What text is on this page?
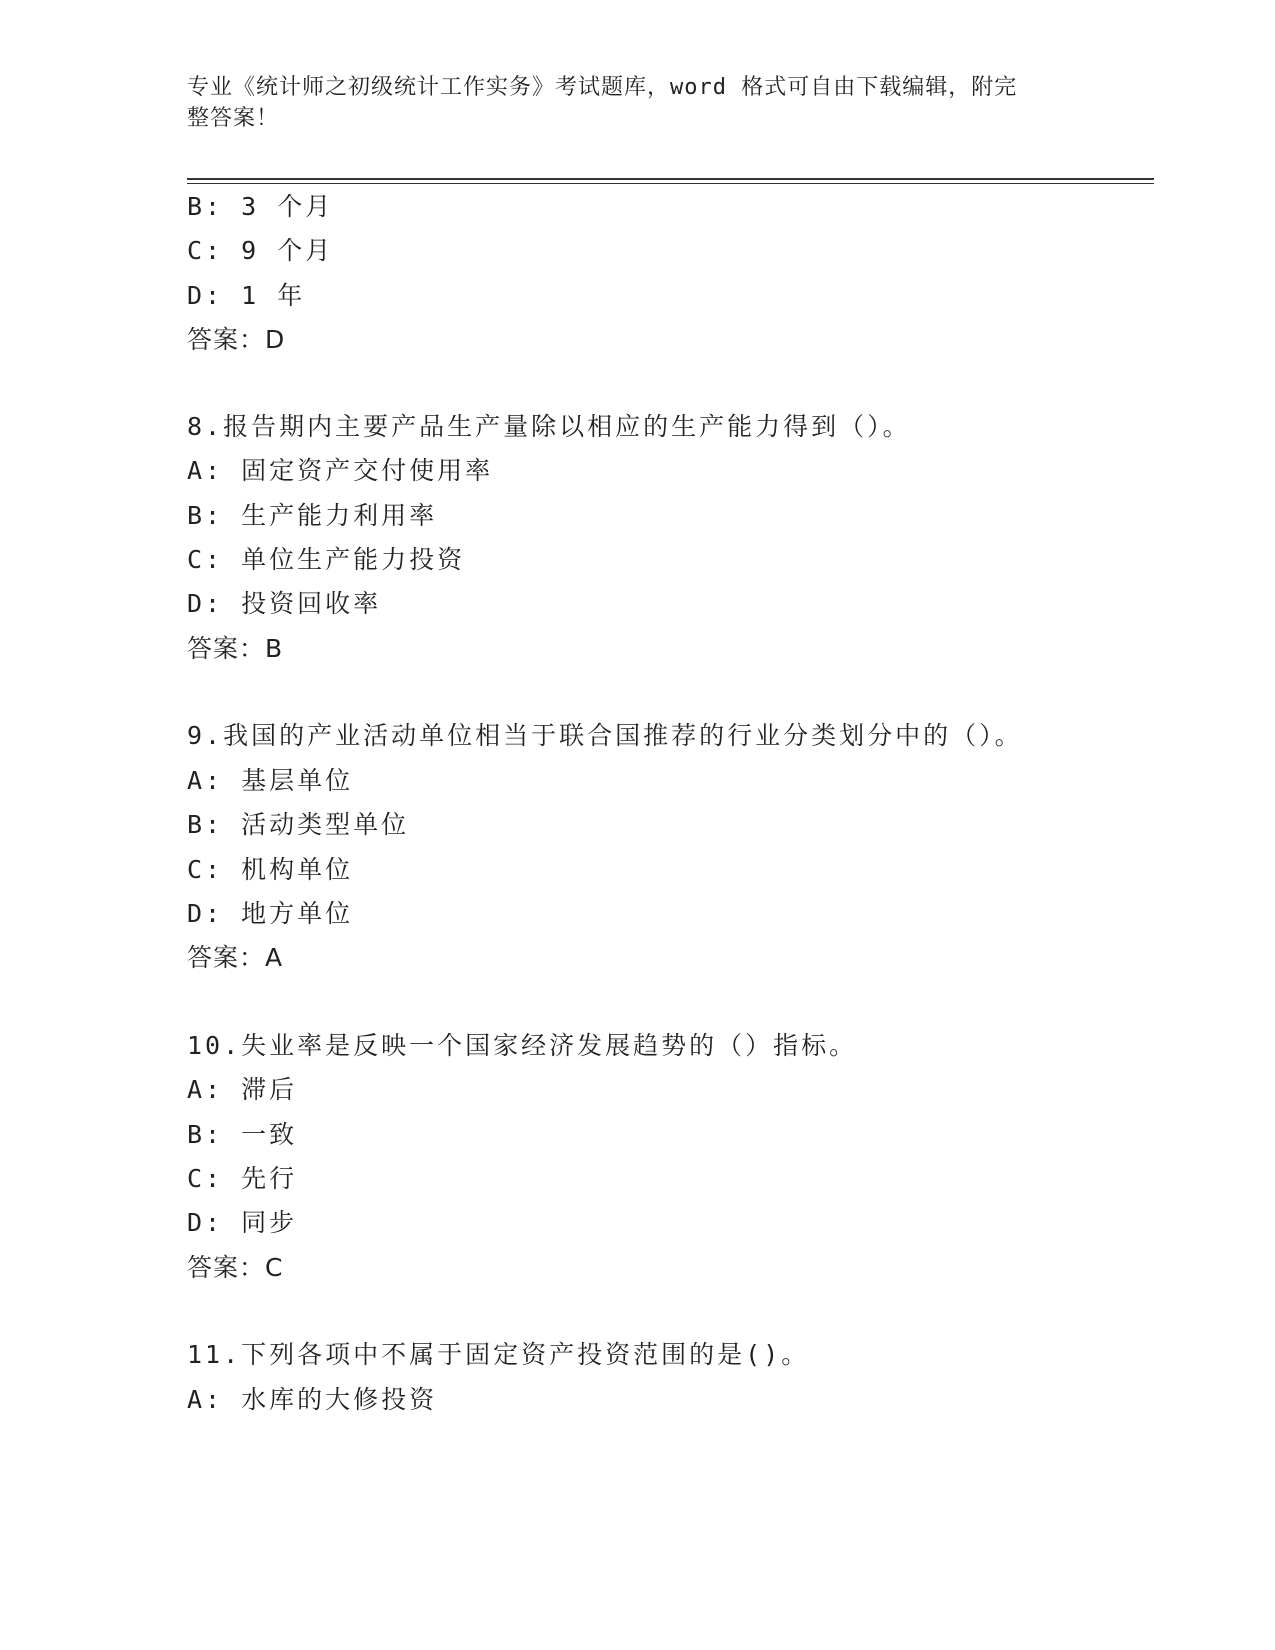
专业《统计师之初级统计工作实务》考试题库，word 格式可自由下载编辑，附完
整答案！
B: 3 个月
C: 9 个月
D: 1 年
答案：D
8.报告期内主要产品生产量除以相应的生产能力得到（）。
A: 固定资产交付使用率
B: 生产能力利用率
C: 单位生产能力投资
D: 投资回收率
答案：B
9.我国的产业活动单位相当于联合国推荐的行业分类划分中的（）。
A: 基层单位
B: 活动类型单位
C: 机构单位
D: 地方单位
答案：A
10.失业率是反映一个国家经济发展趋势的（）指标。
A: 滞后
B: 一致
C: 先行
D: 同步
答案：C
11.下列各项中不属于固定资产投资范围的是()。
A: 水库的大修投资
